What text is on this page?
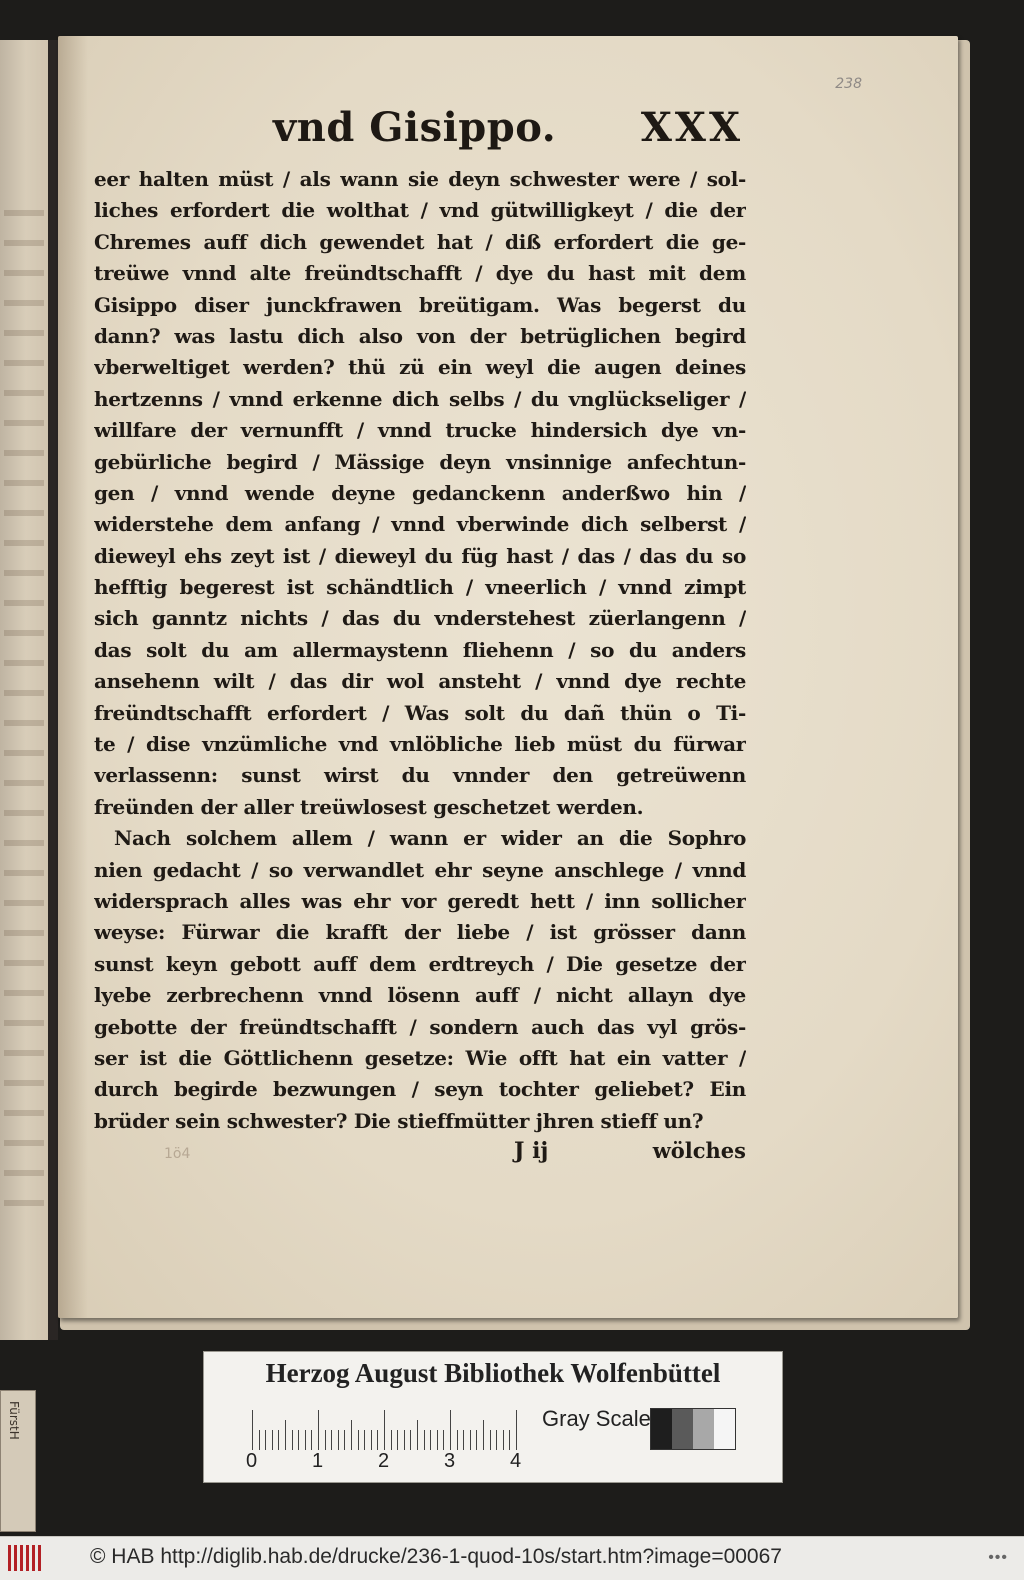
FürstH
238
vnd Gisippo. XXX
eer halten müst / als wann sie deyn schwester were / sol-
liches erfordert die wolthat / vnd gütwilligkeyt / die der
Chremes auff dich gewendet hat / diß erfordert die ge-
treüwe vnnd alte freündtschafft / dye du hast mit dem
Gisippo diser junckfrawen breütigam. Was begerst du
dann? was lastu dich also von der betrüglichen begird
vberweltiget werden? thü zü ein weyl die augen deines
hertzenns / vnnd erkenne dich selbs / du vnglückseliger /
willfare der vernunfft / vnnd trucke hindersich dye vn-
gebürliche begird / Mässige deyn vnsinnige anfechtun-
gen / vnnd wende deyne gedanckenn anderßwo hin /
widerstehe dem anfang / vnnd vberwinde dich selberst /
dieweyl ehs zeyt ist / dieweyl du füg hast / das / das du so
hefftig begerest ist schändtlich / vneerlich / vnnd zimpt
sich ganntz nichts / das du vnderstehest züerlangenn /
das solt du am allermaystenn fliehenn / so du anders
ansehenn wilt / das dir wol ansteht / vnnd dye rechte
freündtschafft erfordert / Was solt du dañ thün o Ti-
te / dise vnzümliche vnd vnlöbliche lieb müst du fürwar
verlassenn: sunst wirst du vnnder den getreüwenn
freünden der aller treüwlosest geschetzet werden.
Nach solchem allem / wann er wider an die Sophro
nien gedacht / so verwandlet ehr seyne anschlege / vnnd
widersprach alles was ehr vor geredt hett / inn sollicher
weyse: Fürwar die krafft der liebe / ist grösser dann
sunst keyn gebott auff dem erdtreych / Die gesetze der
lyebe zerbrechenn vnnd lösenn auff / nicht allayn dye
gebotte der freündtschafft / sondern auch das vyl grös-
ser ist die Göttlichenn gesetze: Wie offt hat ein vatter /
durch begirde bezwungen / seyn tochter geliebet? Ein
brüder sein schwester? Die stieffmütter jhren stieff un?
1ö4	J ij	wölches
Herzog August Bibliothek Wolfenbüttel
0	1	2	3	4
Gray Scale
© HAB http://diglib.hab.de/drucke/236-1-quod-10s/start.htm?image=00067	•••
